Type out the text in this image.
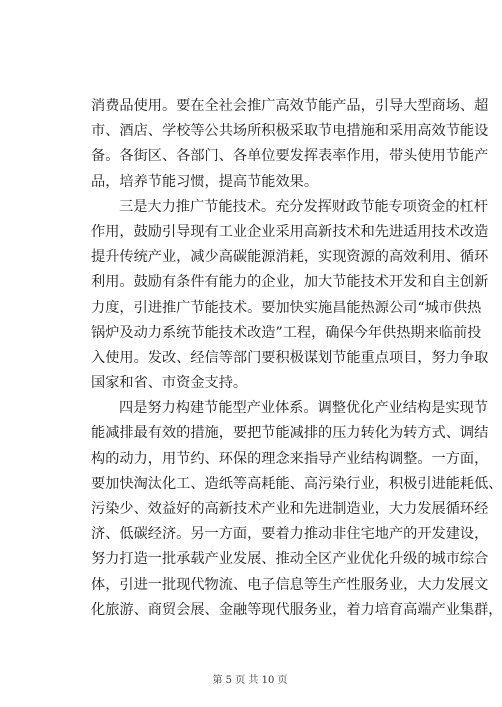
消费品使用。要在全社会推广高效节能产品，引导大型商场、超
市、酒店、学校等公共场所积极采取节电措施和采用高效节能设
备。各街区、各部门、各单位要发挥表率作用，带头使用节能产
品，培养节能习惯，提高节能效果。
三是大力推广节能技术。充分发挥财政节能专项资金的杠杆
作用，鼓励引导现有工业企业采用高新技术和先进适用技术改造
提升传统产业，减少高碳能源消耗，实现资源的高效利用、循环
利用。鼓励有条件有能力的企业，加大节能技术开发和自主创新
力度，引进推广节能技术。要加快实施昌能热源公司“城市供热
锅炉及动力系统节能技术改造”工程，确保今年供热期来临前投
入使用。发改、经信等部门要积极谋划节能重点项目，努力争取
国家和省、市资金支持。
四是努力构建节能型产业体系。调整优化产业结构是实现节
能减排最有效的措施，要把节能减排的压力转化为转方式、调结
构的动力，用节约、环保的理念来指导产业结构调整。一方面，
要加快淘汰化工、造纸等高耗能、高污染行业，积极引进能耗低、
污染少、效益好的高新技术产业和先进制造业，大力发展循环经
济、低碳经济。另一方面，要着力推动非住宅地产的开发建设，
努力打造一批承载产业发展、推动全区产业优化升级的城市综合
体，引进一批现代物流、电子信息等生产性服务业，大力发展文
化旅游、商贸会展、金融等现代服务业，着力培育高端产业集群，
第 5 页 共 10 页
